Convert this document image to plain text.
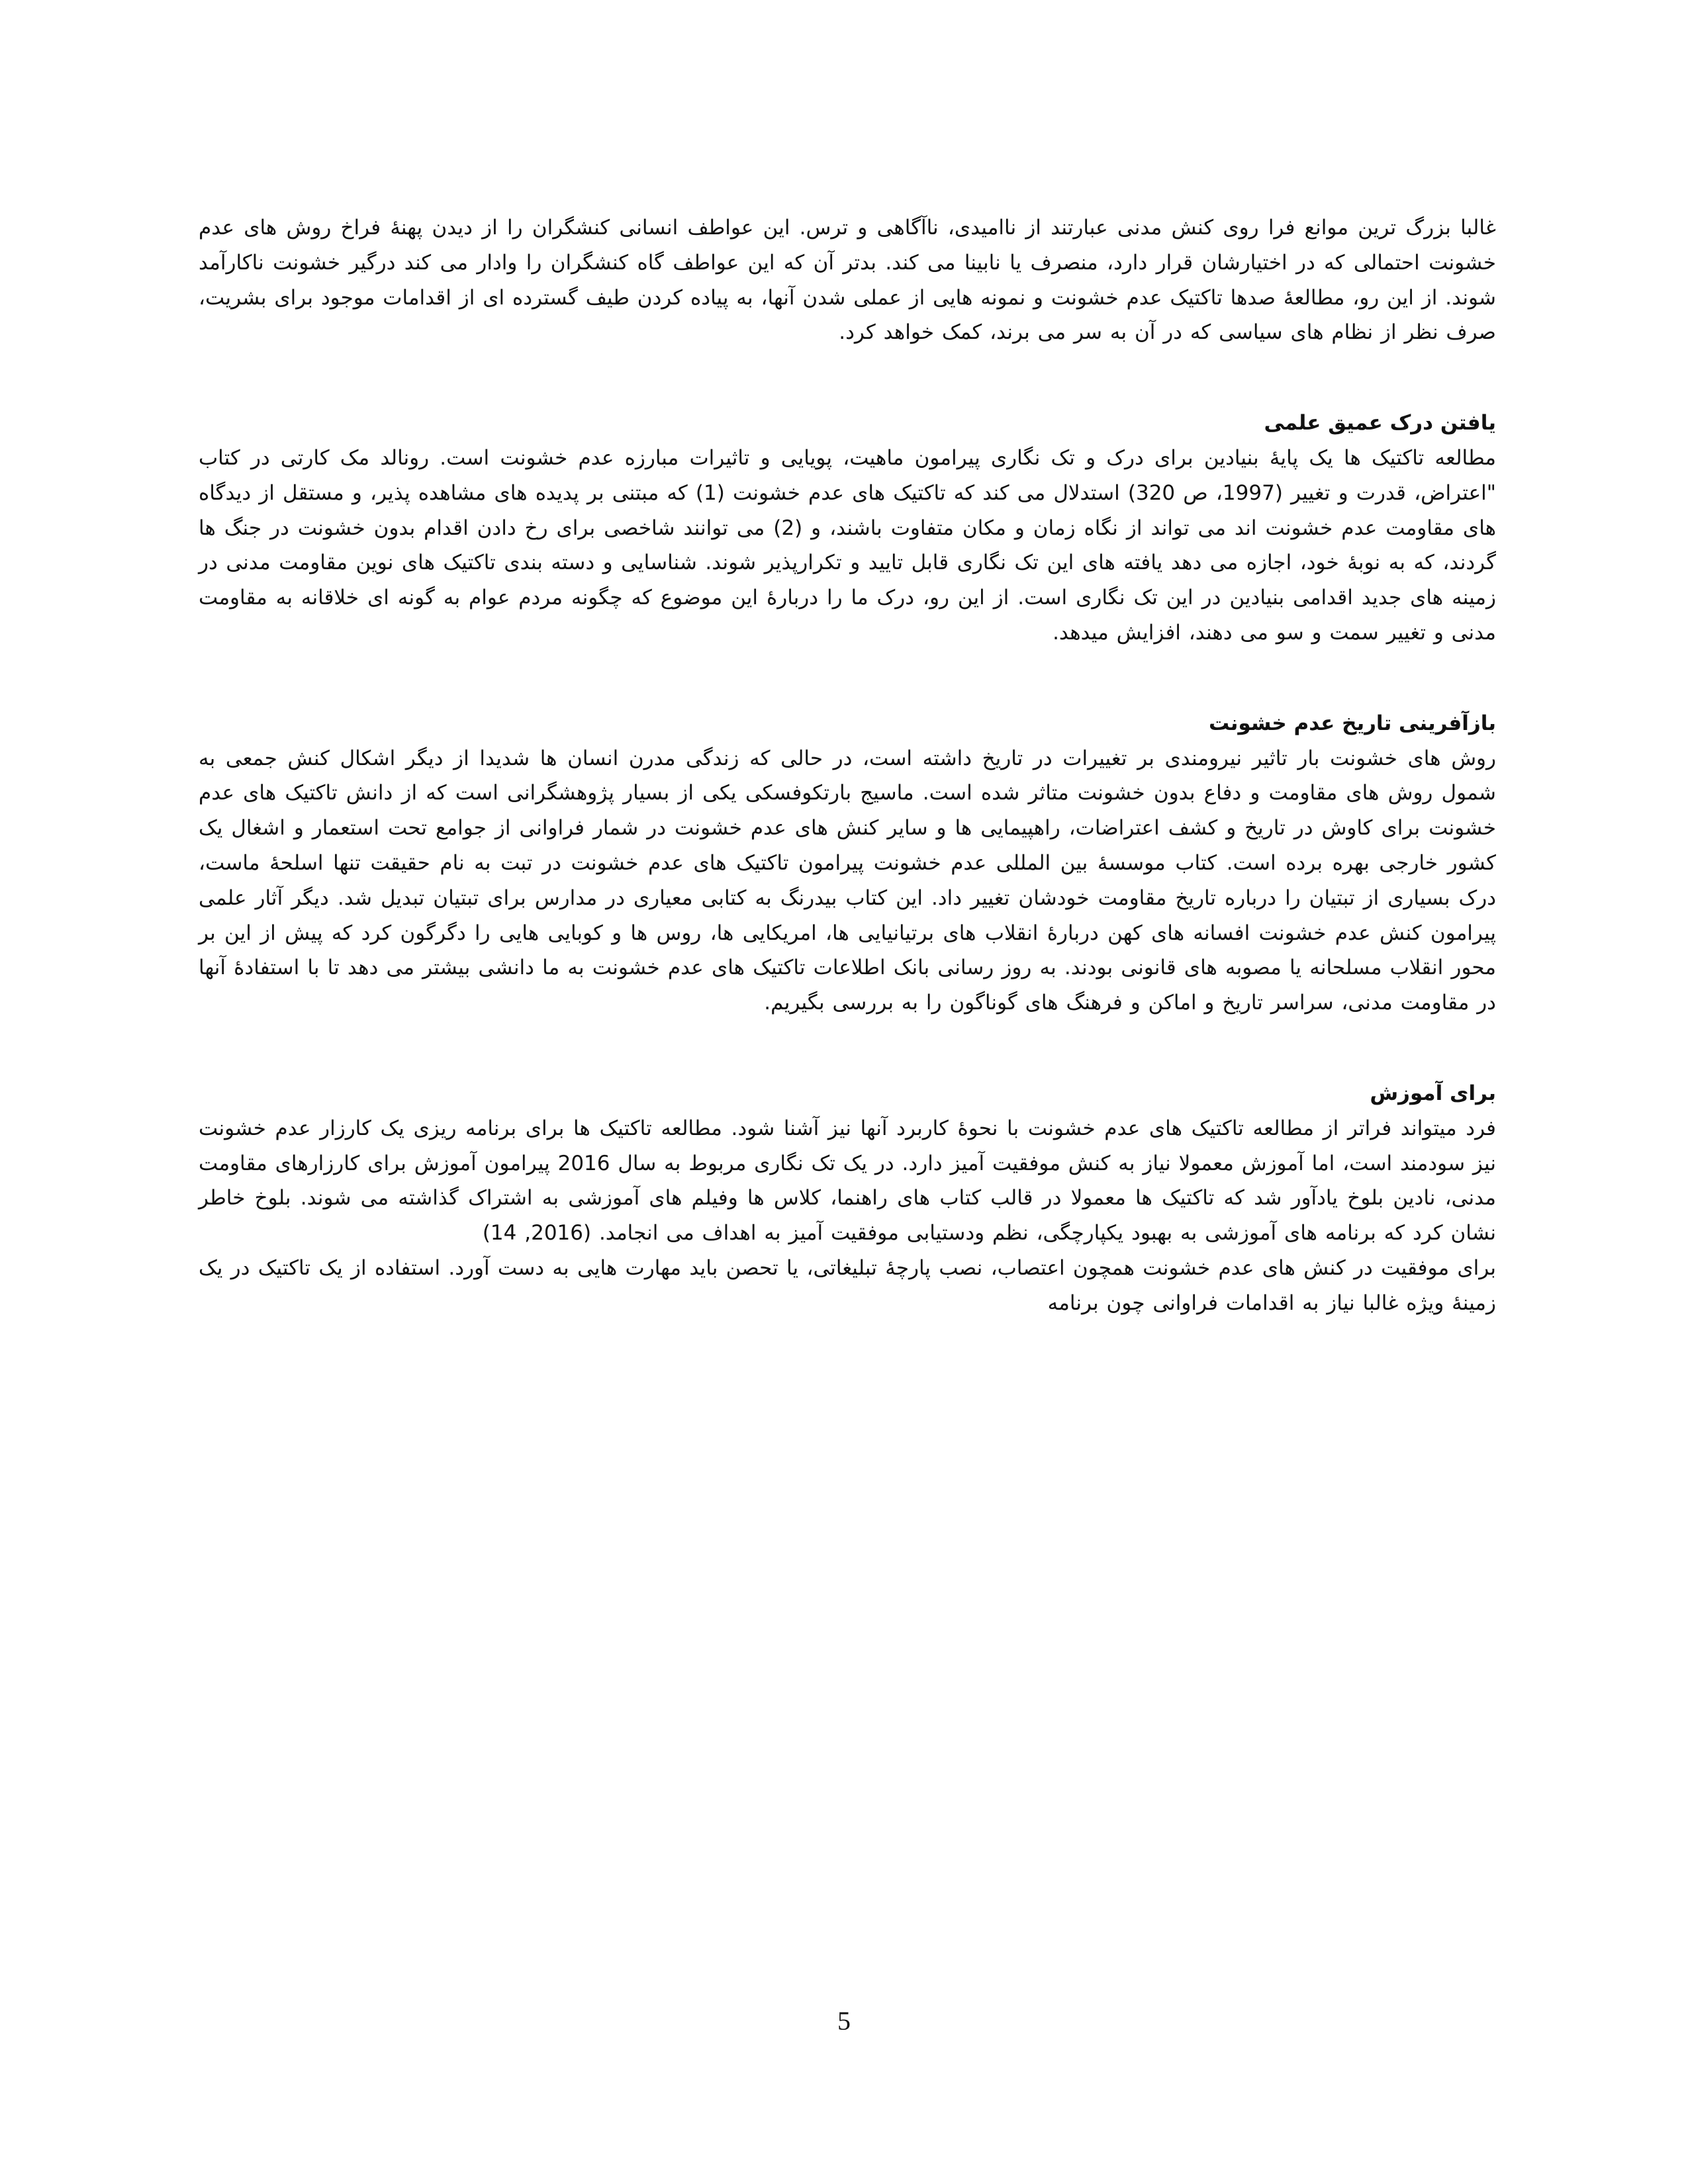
غالبا بزرگ ترین موانع فرا روی کنش مدنی عبارتند از ناامیدی، ناآگاهی و ترس. این عواطف انسانی کنشگران را از دیدن پهنهٔ فراخ روش های عدم خشونت احتمالی که در اختیارشان قرار دارد، منصرف یا نابینا می کند. بدتر آن که این عواطف گاه کنشگران را وادار می کند درگیر خشونت ناکارآمد شوند. از این رو، مطالعهٔ صدها تاکتیک عدم خشونت و نمونه هایی از عملی شدن آنها، به پیاده کردن طیف گسترده ای از اقدامات موجود برای بشریت، صرف نظر از نظام های سیاسی که در آن به سر می برند، کمک خواهد کرد.

یافتن درک عمیق علمی

مطالعه تاکتیک ها یک پایهٔ بنیادین برای درک و تک نگاری پیرامون ماهیت، پویایی و تاثیرات مبارزه عدم خشونت است. رونالد مک کارتی در کتاب "اعتراض، قدرت و تغییر (1997، ص 320) استدلال می کند که تاکتیک های عدم خشونت (1) که مبتنی بر پدیده های مشاهده پذیر، و مستقل از دیدگاه های مقاومت عدم خشونت اند می تواند از نگاه زمان و مکان متفاوت باشند، و (2) می توانند شاخصی برای رخ دادن اقدام بدون خشونت در جنگ ها گردند، که به نوبهٔ خود، اجازه می دهد یافته های این تک نگاری قابل تایید و تکرارپذیر شوند. شناسایی و دسته بندی تاکتیک های نوین مقاومت مدنی در زمینه های جدید اقدامی بنیادین در این تک نگاری است. از این رو، درک ما را دربارهٔ این موضوع که چگونه مردم عوام به گونه ای خلاقانه به مقاومت مدنی و تغییر سمت و سو می دهند، افزایش میدهد.

بازآفرینی تاریخ عدم خشونت

روش های خشونت بار تاثیر نیرومندی بر تغییرات در تاریخ داشته است، در حالی که زندگی مدرن انسان ها شدیدا از دیگر اشکال کنش جمعی به شمول روش های مقاومت و دفاع بدون خشونت متاثر شده است. ماسیج بارتکوفسکی یکی از بسیار پژوهشگرانی است که از دانش تاکتیک های عدم خشونت برای کاوش در تاریخ و کشف اعتراضات، راهپیمایی ها و سایر کنش های عدم خشونت در شمار فراوانی از جوامع تحت استعمار و اشغال یک کشور خارجی بهره برده است. کتاب موسسهٔ بین المللی عدم خشونت پیرامون تاکتیک های عدم خشونت در تبت به نام حقیقت تنها اسلحهٔ ماست، درک بسیاری از تبتیان را درباره تاریخ مقاومت خودشان تغییر داد. این کتاب بیدرنگ به کتابی معیاری در مدارس برای تبتیان تبدیل شد. دیگر آثار علمی پیرامون کنش عدم خشونت افسانه های کهن دربارهٔ انقلاب های برتیانیایی ها، امریکایی ها، روس ها و کوبایی هایی را دگرگون کرد که پیش از این بر محور انقلاب مسلحانه یا مصوبه های قانونی بودند. به روز رسانی بانک اطلاعات تاکتیک های عدم خشونت به ما دانشی بیشتر می دهد تا با استفادهٔ آنها در مقاومت مدنی، سراسر تاریخ و اماکن و فرهنگ های گوناگون را به بررسی بگیریم.

برای آموزش

فرد میتواند فراتر از مطالعه تاکتیک های عدم خشونت با نحوهٔ کاربرد آنها نیز آشنا شود. مطالعه تاکتیک ها برای برنامه ریزی یک کارزار عدم خشونت نیز سودمند است، اما آموزش معمولا نیاز به کنش موفقیت آمیز دارد. در یک تک نگاری مربوط به سال 2016 پیرامون آموزش برای کارزارهای مقاومت مدنی، نادین بلوخ یادآور شد که تاکتیک ها معمولا در قالب کتاب های راهنما، کلاس ها وفیلم های آموزشی به اشتراک گذاشته می شوند. بلوخ خاطر نشان کرد که برنامه های آموزشی به بهبود یکپارچگی، نظم ودستیابی موفقیت آمیز به اهداف می انجامد. (2016, 14)

برای موفقیت در کنش های عدم خشونت همچون اعتصاب، نصب پارچهٔ تبلیغاتی، یا تحصن باید مهارت هایی به دست آورد. استفاده از یک تاکتیک در یک زمینهٔ ویژه غالبا نیاز به اقدامات فراوانی چون برنامه

5
